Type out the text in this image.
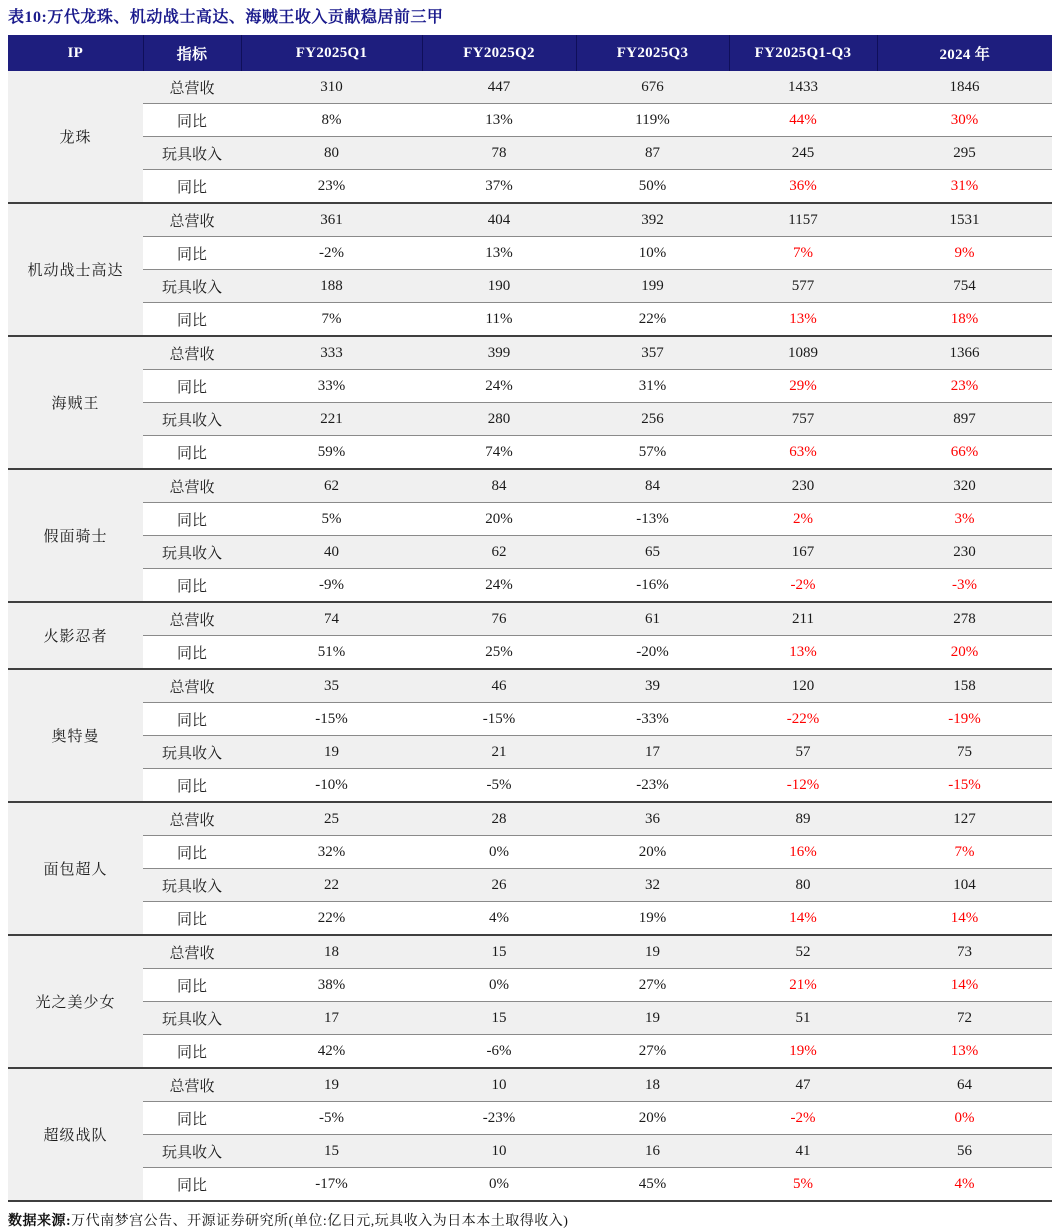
表10:万代龙珠、机动战士高达、海贼王收入贡献稳居前三甲
IP	指标	FY2025Q1	FY2025Q2	FY2025Q3	FY2025Q1-Q3	2024 年
龙珠	总营收	310	447	676	1433	1846
	同比	8%	13%	119%	44%	30%
	玩具收入	80	78	87	245	295
	同比	23%	37%	50%	36%	31%
机动战士高达	总营收	361	404	392	1157	1531
	同比	-2%	13%	10%	7%	9%
	玩具收入	188	190	199	577	754
	同比	7%	11%	22%	13%	18%
海贼王	总营收	333	399	357	1089	1366
	同比	33%	24%	31%	29%	23%
	玩具收入	221	280	256	757	897
	同比	59%	74%	57%	63%	66%
假面骑士	总营收	62	84	84	230	320
	同比	5%	20%	-13%	2%	3%
	玩具收入	40	62	65	167	230
	同比	-9%	24%	-16%	-2%	-3%
火影忍者	总营收	74	76	61	211	278
	同比	51%	25%	-20%	13%	20%
奥特曼	总营收	35	46	39	120	158
	同比	-15%	-15%	-33%	-22%	-19%
	玩具收入	19	21	17	57	75
	同比	-10%	-5%	-23%	-12%	-15%
面包超人	总营收	25	28	36	89	127
	同比	32%	0%	20%	16%	7%
	玩具收入	22	26	32	80	104
	同比	22%	4%	19%	14%	14%
光之美少女	总营收	18	15	19	52	73
	同比	38%	0%	27%	21%	14%
	玩具收入	17	15	19	51	72
	同比	42%	-6%	27%	19%	13%
超级战队	总营收	19	10	18	47	64
	同比	-5%	-23%	20%	-2%	0%
	玩具收入	15	10	16	41	56
	同比	-17%	0%	45%	5%	4%
数据来源:万代南梦宫公告、开源证券研究所(单位:亿日元,玩具收入为日本本土取得收入)
